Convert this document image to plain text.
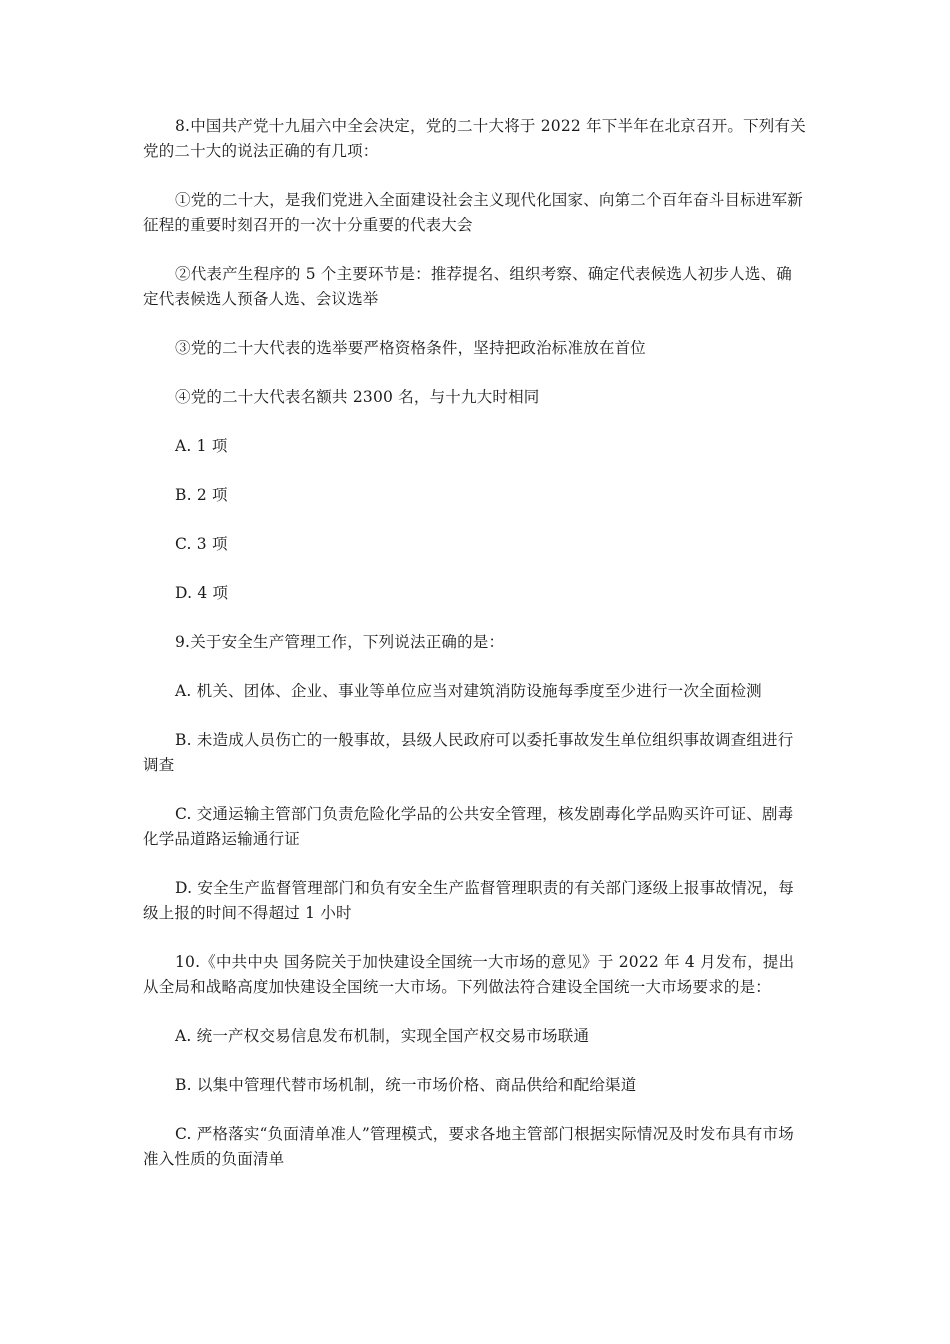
8.中国共产党十九届六中全会决定，党的二十大将于 2022 年下半年在北京召开。下列有关党的二十大的说法正确的有几项：

①党的二十大，是我们党进入全面建设社会主义现代化国家、向第二个百年奋斗目标进军新征程的重要时刻召开的一次十分重要的代表大会

②代表产生程序的 5 个主要环节是：推荐提名、组织考察、确定代表候选人初步人选、确定代表候选人预备人选、会议选举

③党的二十大代表的选举要严格资格条件，坚持把政治标准放在首位

④党的二十大代表名额共 2300 名，与十九大时相同

A. 1 项

B. 2 项

C. 3 项

D. 4 项

9.关于安全生产管理工作，下列说法正确的是：

A. 机关、团体、企业、事业等单位应当对建筑消防设施每季度至少进行一次全面检测

B. 未造成人员伤亡的一般事故，县级人民政府可以委托事故发生单位组织事故调查组进行调查

C. 交通运输主管部门负责危险化学品的公共安全管理，核发剧毒化学品购买许可证、剧毒化学品道路运输通行证

D. 安全生产监督管理部门和负有安全生产监督管理职责的有关部门逐级上报事故情况，每级上报的时间不得超过 1 小时

10.《中共中央 国务院关于加快建设全国统一大市场的意见》于 2022 年 4 月发布，提出从全局和战略高度加快建设全国统一大市场。下列做法符合建设全国统一大市场要求的是：

A. 统一产权交易信息发布机制，实现全国产权交易市场联通

B. 以集中管理代替市场机制，统一市场价格、商品供给和配给渠道

C. 严格落实“负面清单准人”管理模式，要求各地主管部门根据实际情况及时发布具有市场准入性质的负面清单
